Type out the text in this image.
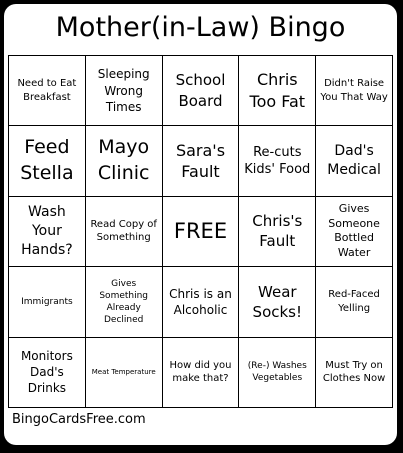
Mother(in-Law) Bingo
Need to Eat Breakfast
Sleeping Wrong Times
School Board
Chris Too Fat
Didn't Raise You That Way
Feed Stella
Mayo Clinic
Sara's Fault
Re-cuts Kids' Food
Dad's Medical
Wash Your Hands?
Read Copy of Something	FREE	Chris's Fault
Gives Someone Bottled Water
Immigrants
Gives Something Already Declined
Chris is an Alcoholic
Wear Socks!
Red-Faced Yelling
Monitors Dad's Drinks
Meat Temperature
How did you make that?
(Re-) Washes Vegetables
Must Try on Clothes Now
BingoCardsFree.com
